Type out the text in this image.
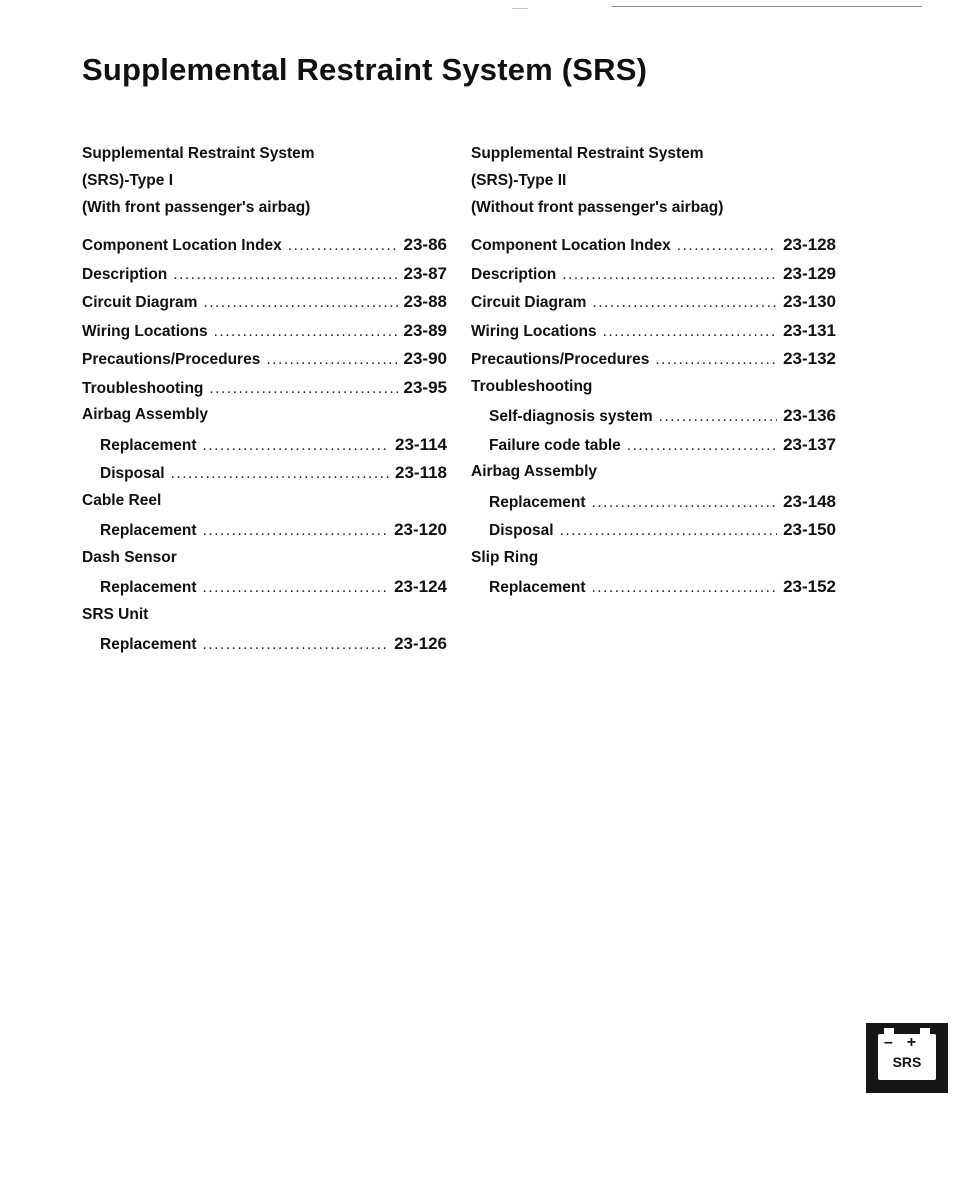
Supplemental Restraint System (SRS)
Supplemental Restraint System
(SRS)-Type I
(With front passenger's airbag)
Component Location Index .....	23-86
Description .....	23-87
Circuit Diagram .....	23-88
Wiring Locations .....	23-89
Precautions/Procedures .....	23-90
Troubleshooting .....	23-95
Airbag Assembly
Replacement .....	23-114
Disposal .....	23-118
Cable Reel
Replacement .....	23-120
Dash Sensor
Replacement .....	23-124
SRS Unit
Replacement .....	23-126
Supplemental Restraint System
(SRS)-Type II
(Without front passenger's airbag)
Component Location Index .....	23-128
Description .....	23-129
Circuit Diagram .....	23-130
Wiring Locations .....	23-131
Precautions/Procedures .....	23-132
Troubleshooting
Self-diagnosis system .....	23-136
Failure code table .....	23-137
Airbag Assembly
Replacement .....	23-148
Disposal .....	23-150
Slip Ring
Replacement .....	23-152
–+
SRS
